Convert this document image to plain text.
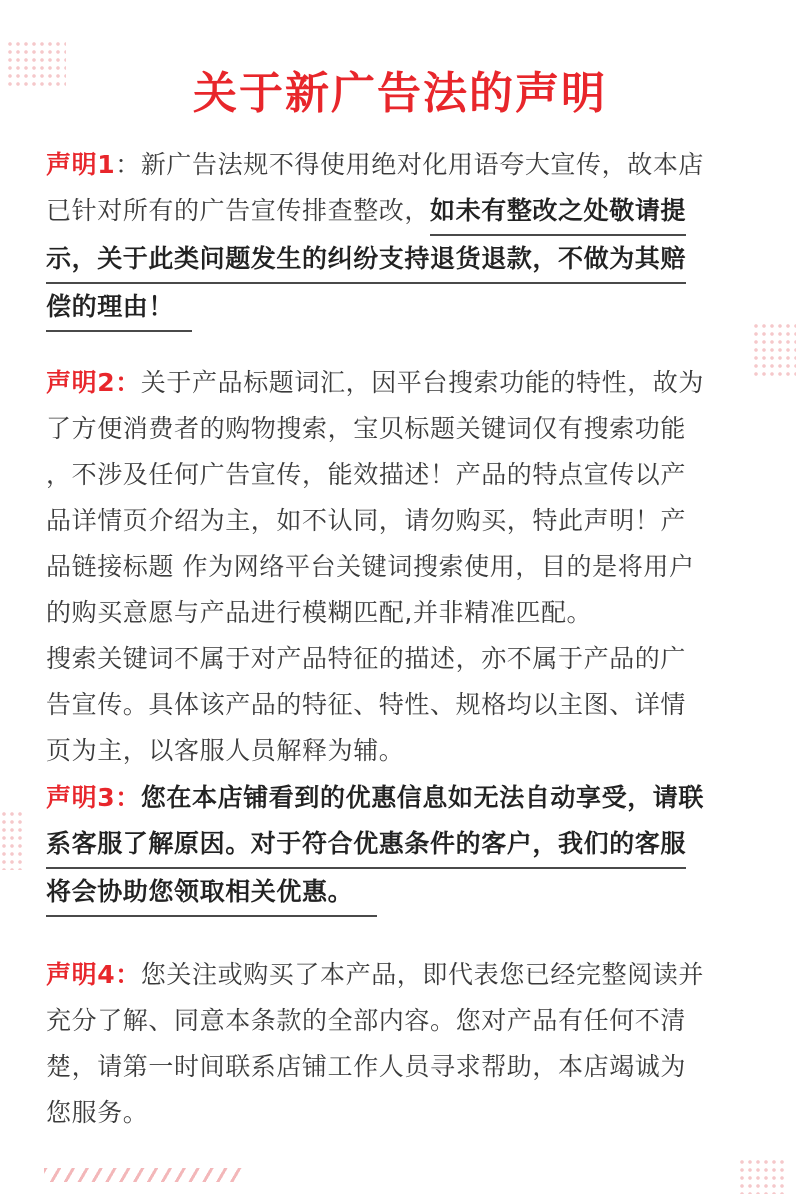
关于新广告法的声明
声明1：新广告法规不得使用绝对化用语夸大宣传，故本店
已针对所有的广告宣传排查整改，如未有整改之处敬请提
示，关于此类问题发生的纠纷支持退货退款，不做为其赔
偿的理由！
声明2：关于产品标题词汇，因平台搜索功能的特性，故为
了方便消费者的购物搜索，宝贝标题关键词仅有搜索功能
，不涉及任何广告宣传，能效描述！产品的特点宣传以产
品详情页介绍为主，如不认同，请勿购买，特此声明！产
品链接标题 作为网络平台关键词搜索使用，目的是将用户
的购买意愿与产品进行模糊匹配,并非精准匹配。
搜索关键词不属于对产品特征的描述，亦不属于产品的广
告宣传。具体该产品的特征、特性、规格均以主图、详情
页为主，以客服人员解释为辅。
声明3：您在本店铺看到的优惠信息如无法自动享受，请联
系客服了解原因。对于符合优惠条件的客户，我们的客服
将会协助您领取相关优惠。
声明4：您关注或购买了本产品，即代表您已经完整阅读并
充分了解、同意本条款的全部内容。您对产品有任何不清
楚，请第一时间联系店铺工作人员寻求帮助，本店竭诚为
您服务。
